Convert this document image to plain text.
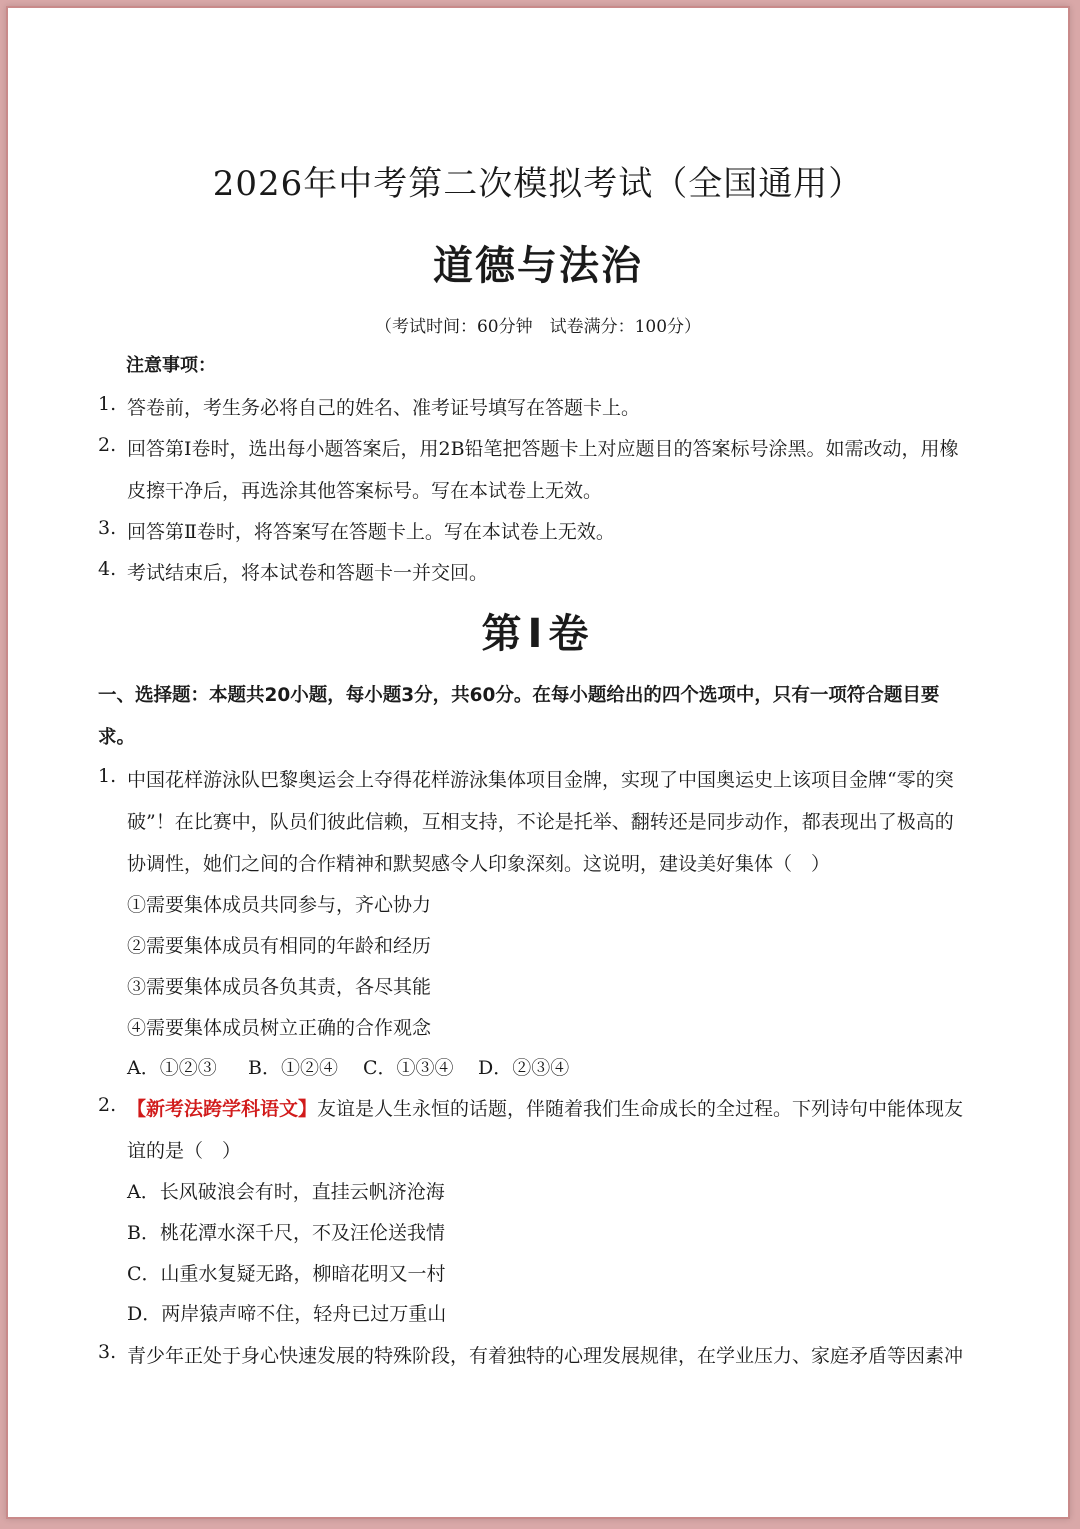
2026年中考第二次模拟考试（全国通用）
道德与法治
（考试时间：60分钟　试卷满分：100分）
注意事项：
1. 答卷前，考生务必将自己的姓名、准考证号填写在答题卡上。
2. 回答第Ⅰ卷时，选出每小题答案后，用2B铅笔把答题卡上对应题目的答案标号涂黑。如需改动，用橡
皮擦干净后，再选涂其他答案标号。写在本试卷上无效。
3. 回答第Ⅱ卷时，将答案写在答题卡上。写在本试卷上无效。
4. 考试结束后，将本试卷和答题卡一并交回。
第Ⅰ卷
一、选择题：本题共20小题，每小题3分，共60分。在每小题给出的四个选项中，只有一项符合题目要
求。
1. 中国花样游泳队巴黎奥运会上夺得花样游泳集体项目金牌，实现了中国奥运史上该项目金牌“零的突
破”！在比赛中，队员们彼此信赖，互相支持，不论是托举、翻转还是同步动作，都表现出了极高的
协调性，她们之间的合作精神和默契感令人印象深刻。这说明，建设美好集体（　）
①需要集体成员共同参与，齐心协力
②需要集体成员有相同的年龄和经历
③需要集体成员各负其责，各尽其能
④需要集体成员树立正确的合作观念
A．①②③ B．①②④ C．①③④ D．②③④
2. 【新考法跨学科语文】友谊是人生永恒的话题，伴随着我们生命成长的全过程。下列诗句中能体现友
谊的是（　）
A．长风破浪会有时，直挂云帆济沧海
B．桃花潭水深千尺，不及汪伦送我情
C．山重水复疑无路，柳暗花明又一村
D．两岸猿声啼不住，轻舟已过万重山
3. 青少年正处于身心快速发展的特殊阶段，有着独特的心理发展规律，在学业压力、家庭矛盾等因素冲
